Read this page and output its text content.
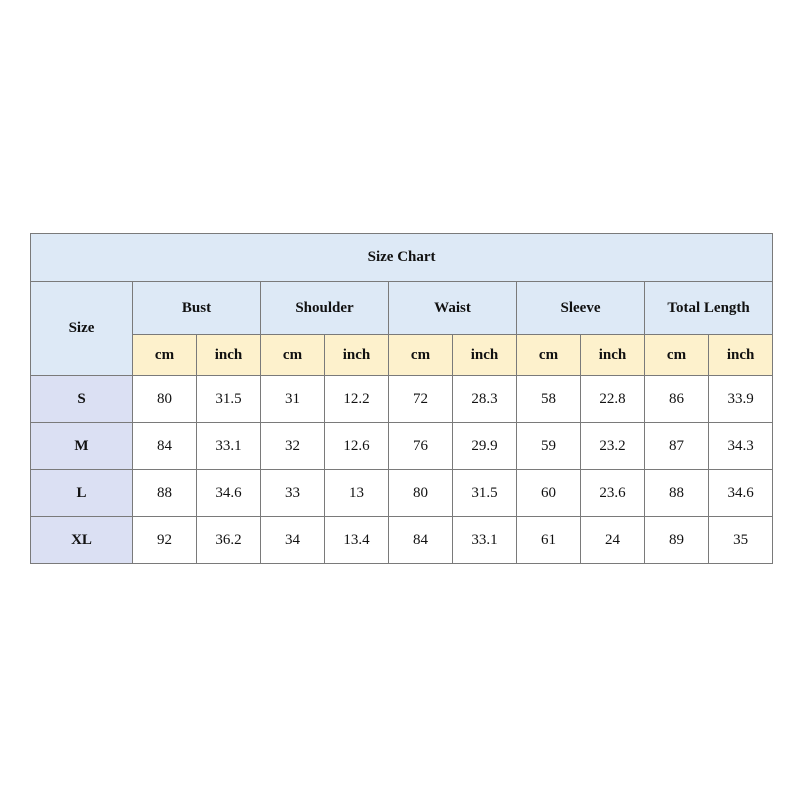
Size Chart										
Size	Bust		Shoulder		Waist		Sleeve		Total Length	
	cm	inch	cm	inch	cm	inch	cm	inch	cm	inch
S	80	31.5	31	12.2	72	28.3	58	22.8	86	33.9
M	84	33.1	32	12.6	76	29.9	59	23.2	87	34.3
L	88	34.6	33	13	80	31.5	60	23.6	88	34.6
XL	92	36.2	34	13.4	84	33.1	61	24	89	35
